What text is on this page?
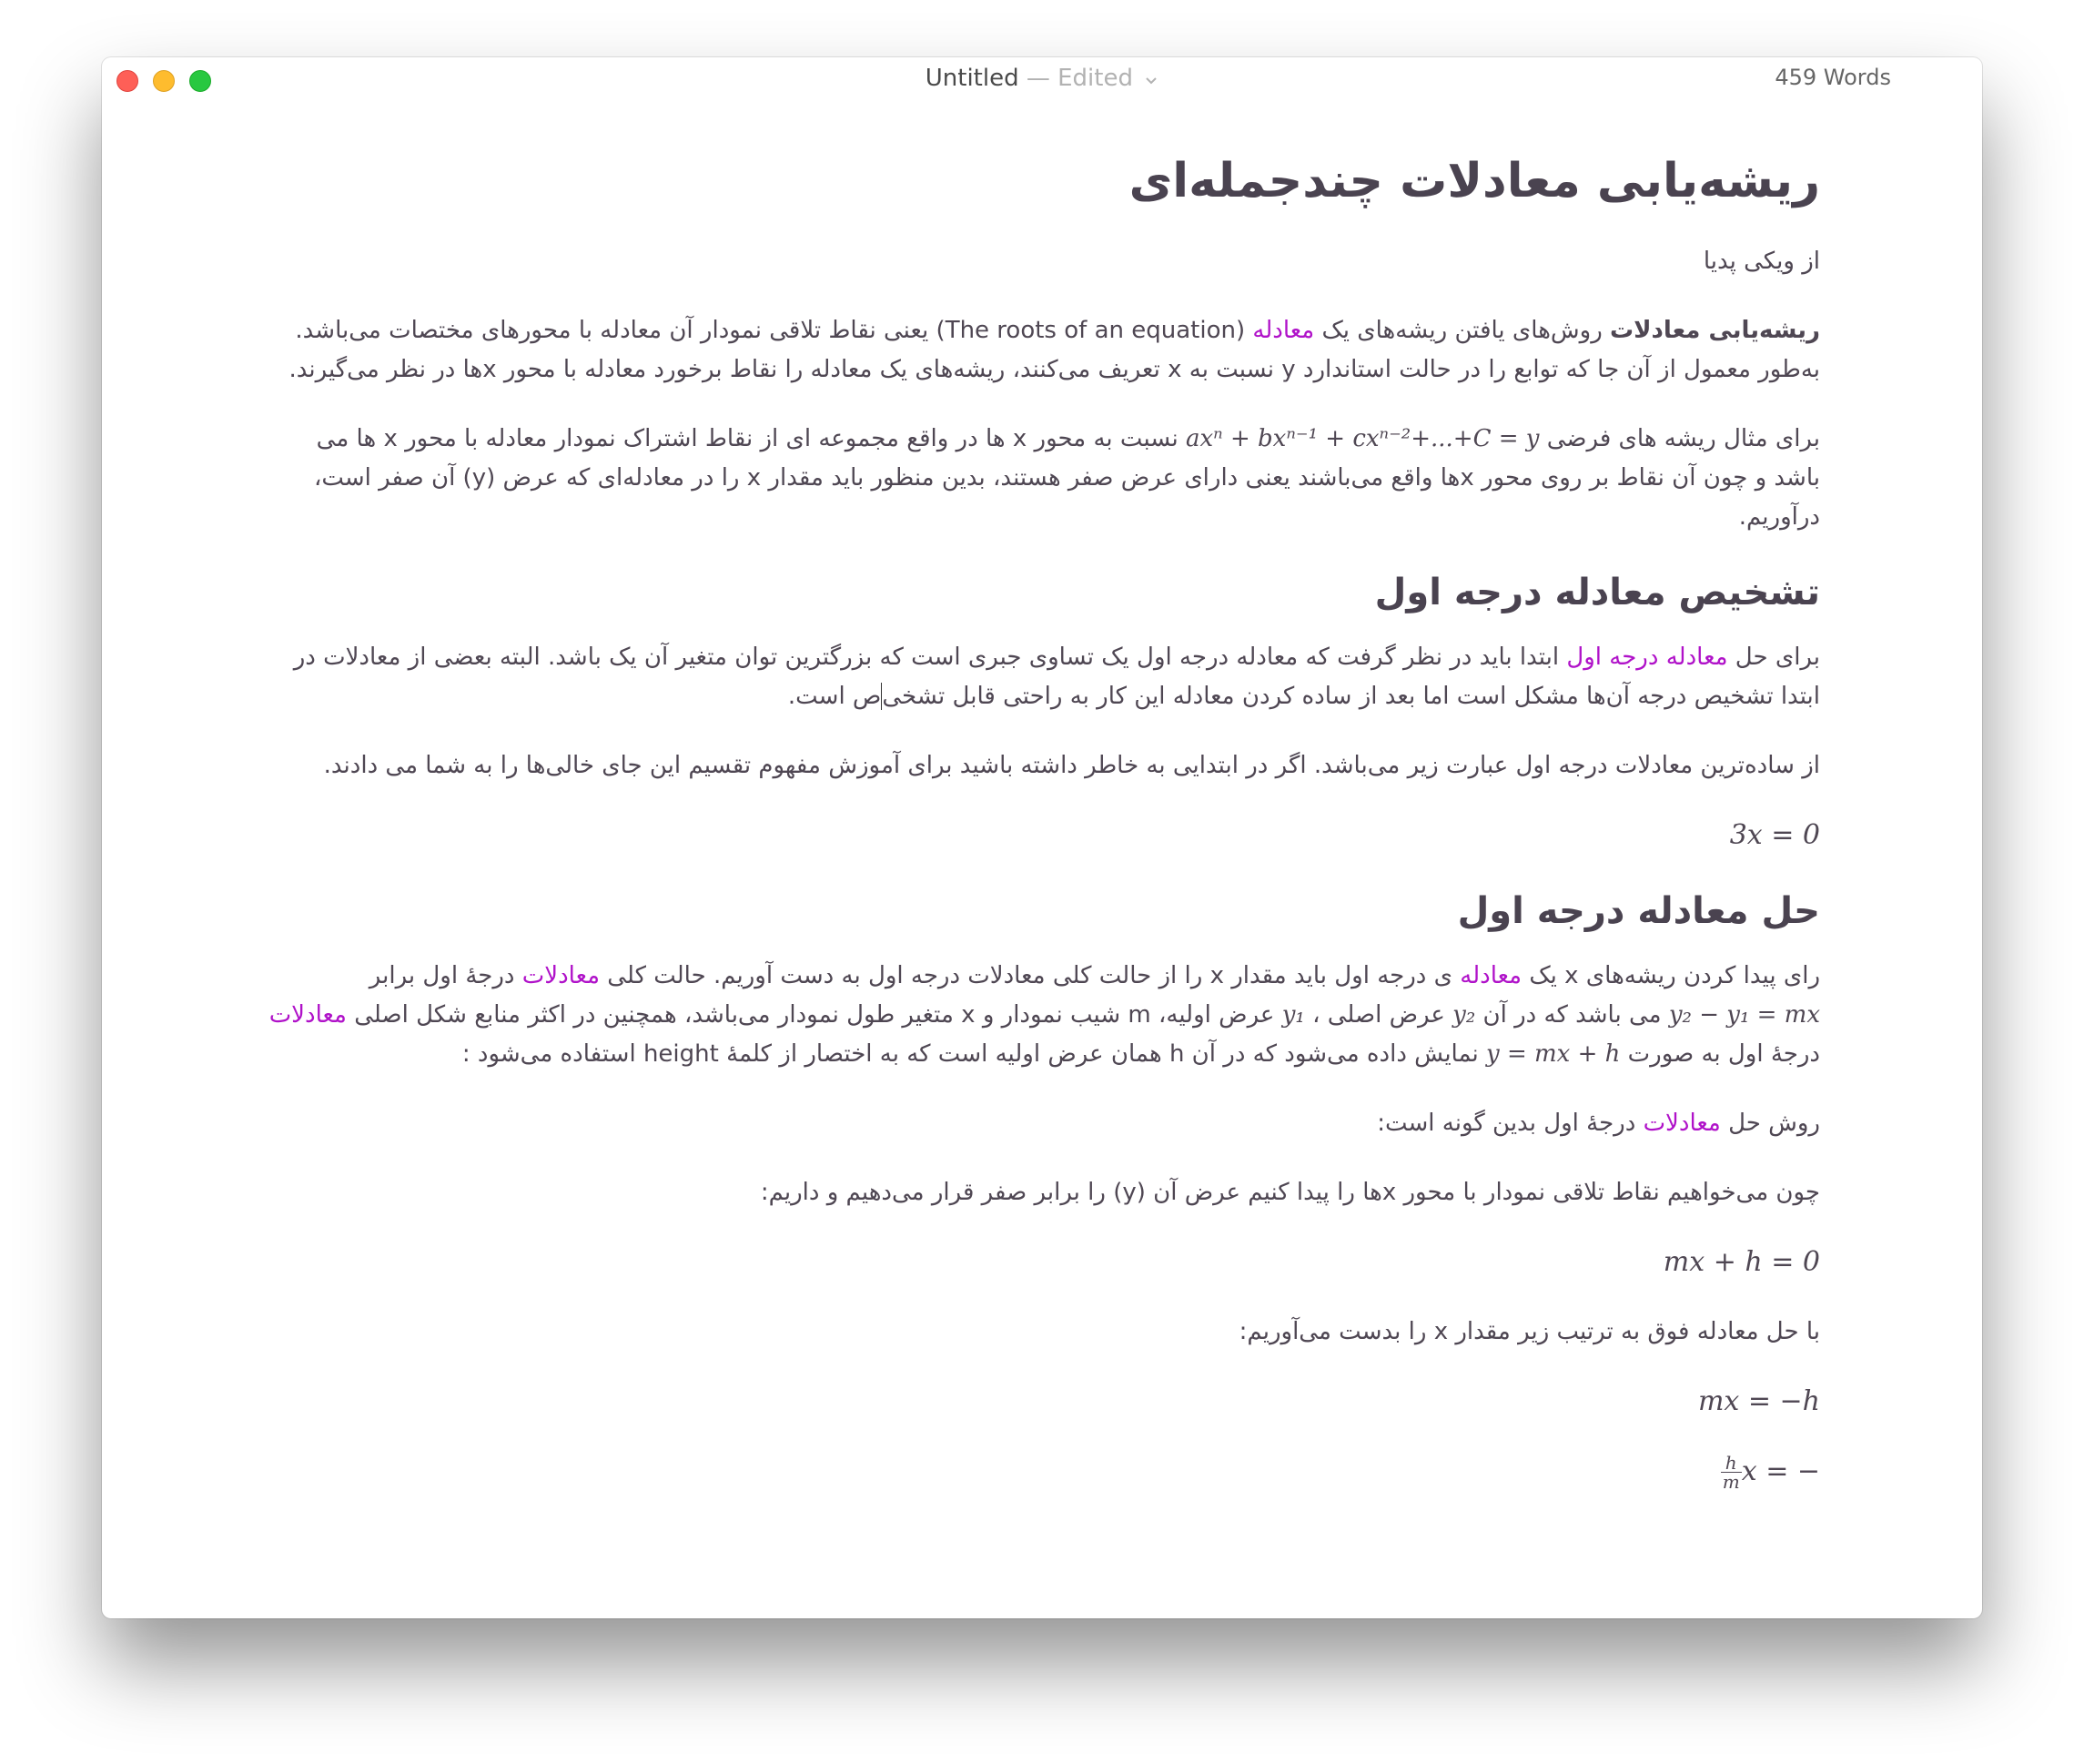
Untitled — Edited	459 Words
ریشه‌یابی معادلات چندجمله‌ای

از ویکی پدیا

ریشه‌یابی معادلات روش‌های یافتن ریشه‌های یک معادله (The roots of an equation) یعنی نقاط تلاقی نمودار آن معادله با محورهای مختصات می‌باشد. به‌طور معمول از آن جا که توابع را در حالت استاندارد y نسبت به x تعریف می‌کنند، ریشه‌های یک معادله را نقاط برخورد معادله با محور xها در نظر می‌گیرند.

برای مثال ریشه های فرضی axⁿ + bxⁿ⁻¹ + cxⁿ⁻²+...+C = y نسبت به محور x ها در واقع مجموعه ای از نقاط اشتراک نمودار معادله با محور x ها می باشد و چون آن نقاط بر روی محور xها واقع می‌باشند یعنی دارای عرض صفر هستند، بدین منظور باید مقدار x را در معادله‌ای که عرض (y) آن صفر است، درآوریم.

تشخیص معادله درجه اول

برای حل معادله درجه اول ابتدا باید در نظر گرفت که معادله درجه اول یک تساوی جبری است که بزرگترین توان متغیر آن یک باشد. البته بعضی از معادلات در ابتدا تشخیص درجه آن‌ها مشکل است اما بعد از ساده کردن معادله این کار به راحتی قابل تشخیص است.

از ساده‌ترین معادلات درجه اول عبارت زیر می‌باشد. اگر در ابتدایی به خاطر داشته باشید برای آموزش مفهوم تقسیم این جای خالی‌ها را به شما می دادند.

3x = 0
حل معادله درجه اول

رای پیدا کردن ریشه‌های x یک معادله ی درجه اول باید مقدار x را از حالت کلی معادلات درجه اول به دست آوریم. حالت کلی معادلات درجهٔ اول برابر y₂ − y₁ = mx می باشد که در آن y₂ عرض اصلی ، y₁ عرض اولیه، m شیب نمودار و x متغیر طول نمودار می‌باشد، همچنین در اکثر منابع شکل اصلی معادلات درجهٔ اول به صورت y = mx + h نمایش داده می‌شود که در آن h همان عرض اولیه است که به اختصار از کلمهٔ height استفاده می‌شود :

روش حل معادلات درجهٔ اول بدین گونه است:

چون می‌خواهیم نقاط تلاقی نمودار با محور xها را پیدا کنیم عرض آن (y) را برابر صفر قرار می‌دهیم و داریم:

mx + h = 0

با حل معادله فوق به ترتیب زیر مقدار x را بدست می‌آوریم:

mx = −h
x = −
$\frac{h}{m}$
